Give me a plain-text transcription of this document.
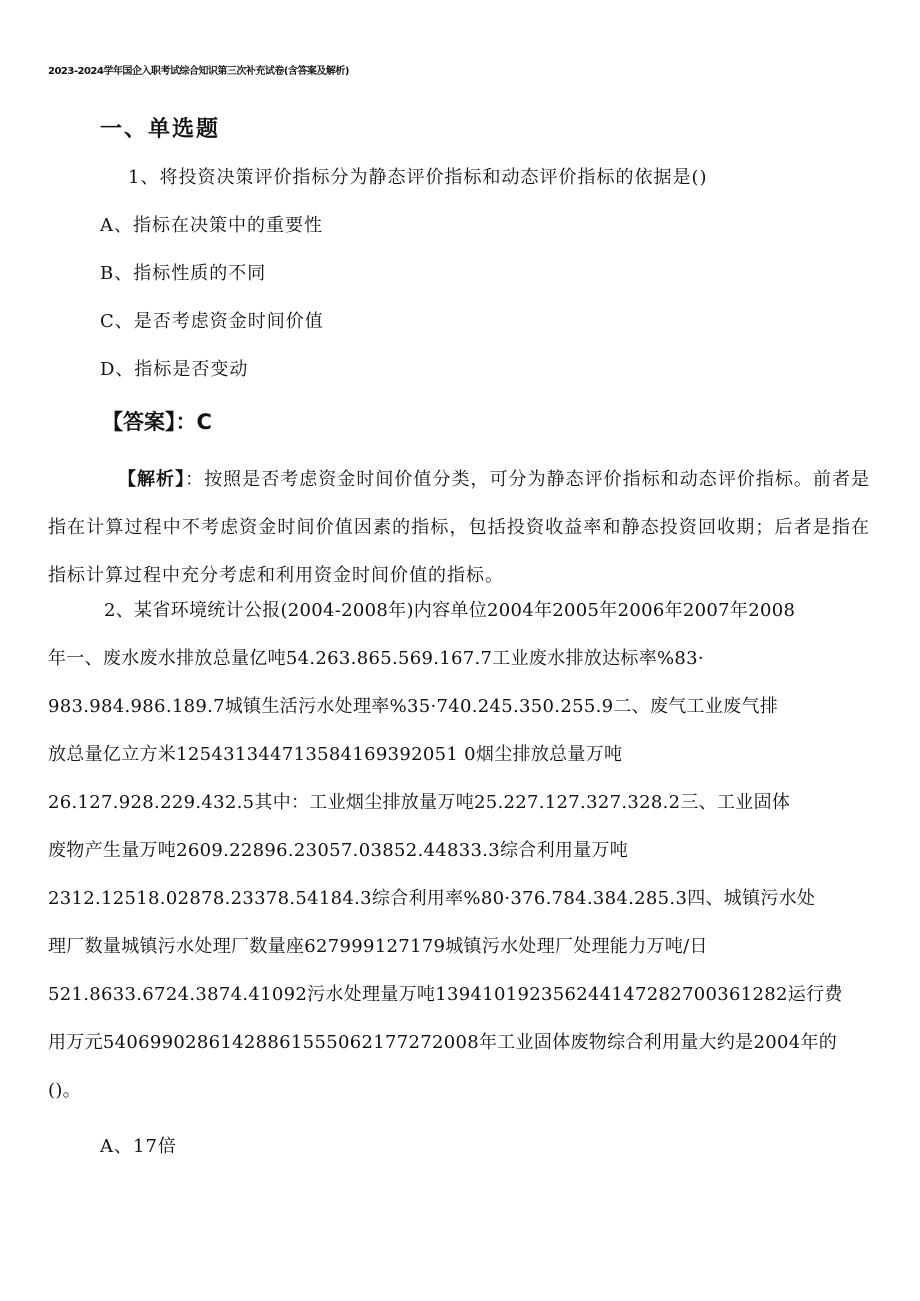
2023-2024学年国企入职考试综合知识第三次补充试卷(含答案及解析)
一、单选题
1、将投资决策评价指标分为静态评价指标和动态评价指标的依据是()
A、指标在决策中的重要性
B、指标性质的不同
C、是否考虑资金时间价值
D、指标是否变动
【答案】：C
【解析】：按照是否考虑资金时间价值分类，可分为静态评价指标和动态评价指标。前者是指在计算过程中不考虑资金时间价值因素的指标，包括投资收益率和静态投资回收期；后者是指在指标计算过程中充分考虑和利用资金时间价值的指标。
2、某省环境统计公报(2004-2008年)内容单位2004年2005年2006年2007年2008
年一、废水废水排放总量亿吨54.263.865.569.167.7工业废水排放达标率%83·
983.984.986.189.7城镇生活污水处理率%35·740.245.350.255.9二、废气工业废气排
放总量亿立方米125431344713584169392051 0烟尘排放总量万吨
26.127.928.229.432.5其中：工业烟尘排放量万吨25.227.127.327.328.2三、工业固体
废物产生量万吨2609.22896.23057.03852.44833.3综合利用量万吨
2312.12518.02878.23378.54184.3综合利用率%80·376.784.384.285.3四、城镇污水处
理厂数量城镇污水处理厂数量座627999127179城镇污水处理厂处理能力万吨/日
521.8633.6724.3874.41092污水处理量万吨139410192356244147282700361282运行费
用万元54069902861428861555062177272008年工业固体废物综合利用量大约是2004年的
()。
A、17倍
